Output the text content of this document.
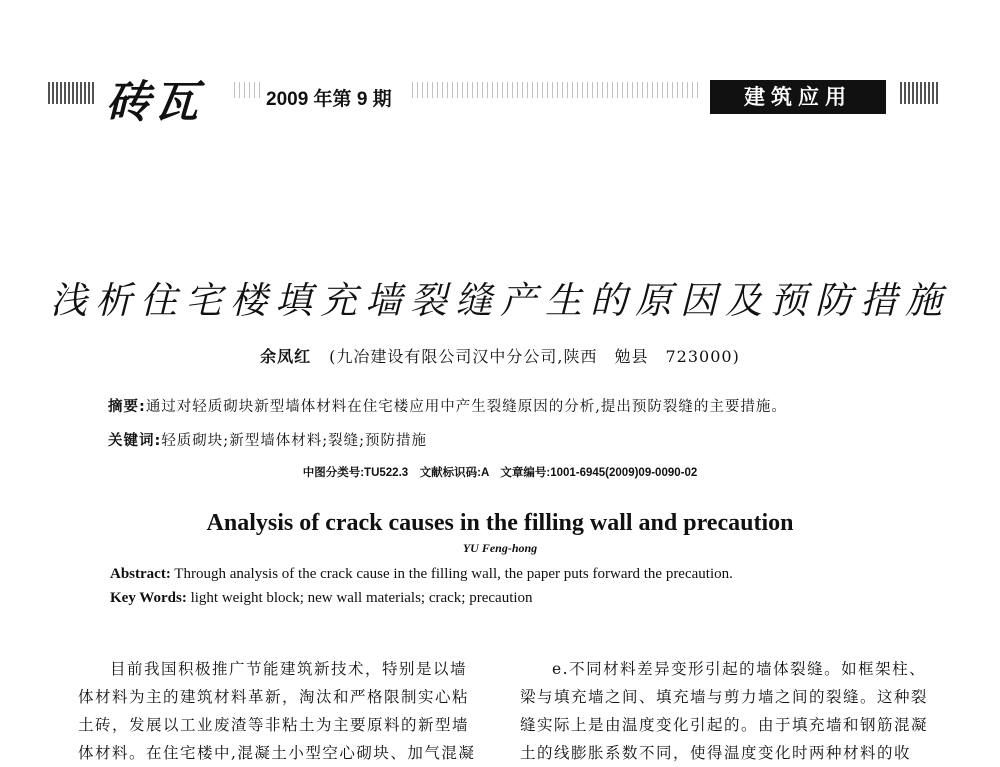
砖瓦	2009 年第 9 期	建筑应用
浅析住宅楼填充墙裂缝产生的原因及预防措施
余凤红 (九冶建设有限公司汉中分公司,陕西　勉县　723000)
摘要:通过对轻质砌块新型墙体材料在住宅楼应用中产生裂缝原因的分析,提出预防裂缝的主要措施。
关键词:轻质砌块;新型墙体材料;裂缝;预防措施
中图分类号:TU522.3　文献标识码:A　文章编号:1001-6945(2009)09-0090-02
Analysis of crack causes in the filling wall and precaution
YU Feng-hong
Abstract: Through analysis of the crack cause in the filling wall, the paper puts forward the precaution.
Key Words: light weight block; new wall materials; crack; precaution
目前我国积极推广节能建筑新技术，特别是以墙
体材料为主的建筑材料革新，淘汰和严格限制实心粘
土砖，发展以工业废渣等非粘土为主要原料的新型墙
体材料。在住宅楼中,混凝土小型空心砌块、加气混凝
e.不同材料差异变形引起的墙体裂缝。如框架柱、
梁与填充墙之间、填充墙与剪力墙之间的裂缝。这种裂
缝实际上是由温度变化引起的。由于填充墙和钢筋混凝
土的线膨胀系数不同，使得温度变化时两种材料的收
